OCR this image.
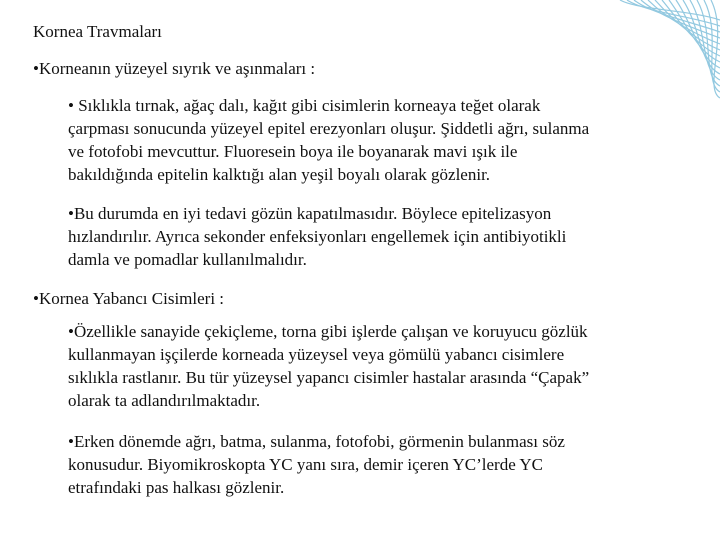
Kornea Travmaları
•Korneanın yüzeyel sıyrık ve aşınmaları :
• Sıklıkla tırnak, ağaç dalı, kağıt gibi cisimlerin korneaya teğet olarak
çarpması sonucunda yüzeyel epitel erezyonları oluşur. Şiddetli ağrı, sulanma
ve fotofobi mevcuttur. Fluoresein boya ile boyanarak mavi ışık ile
bakıldığında epitelin kalktığı alan yeşil boyalı olarak gözlenir.
•Bu durumda en iyi tedavi gözün kapatılmasıdır. Böylece epitelizasyon
hızlandırılır. Ayrıca sekonder enfeksiyonları engellemek için antibiyotikli
damla ve pomadlar kullanılmalıdır.
•Kornea Yabancı Cisimleri :
•Özellikle sanayide çekiçleme, torna gibi işlerde çalışan ve koruyucu gözlük
kullanmayan işçilerde korneada yüzeysel veya gömülü yabancı cisimlere
sıklıkla rastlanır. Bu tür yüzeysel yapancı cisimler hastalar arasında “Çapak”
olarak ta adlandırılmaktadır.
•Erken dönemde ağrı, batma, sulanma, fotofobi, görmenin bulanması söz
konusudur. Biyomikroskopta YC yanı sıra, demir içeren YC’lerde YC
etrafındaki pas halkası gözlenir.
